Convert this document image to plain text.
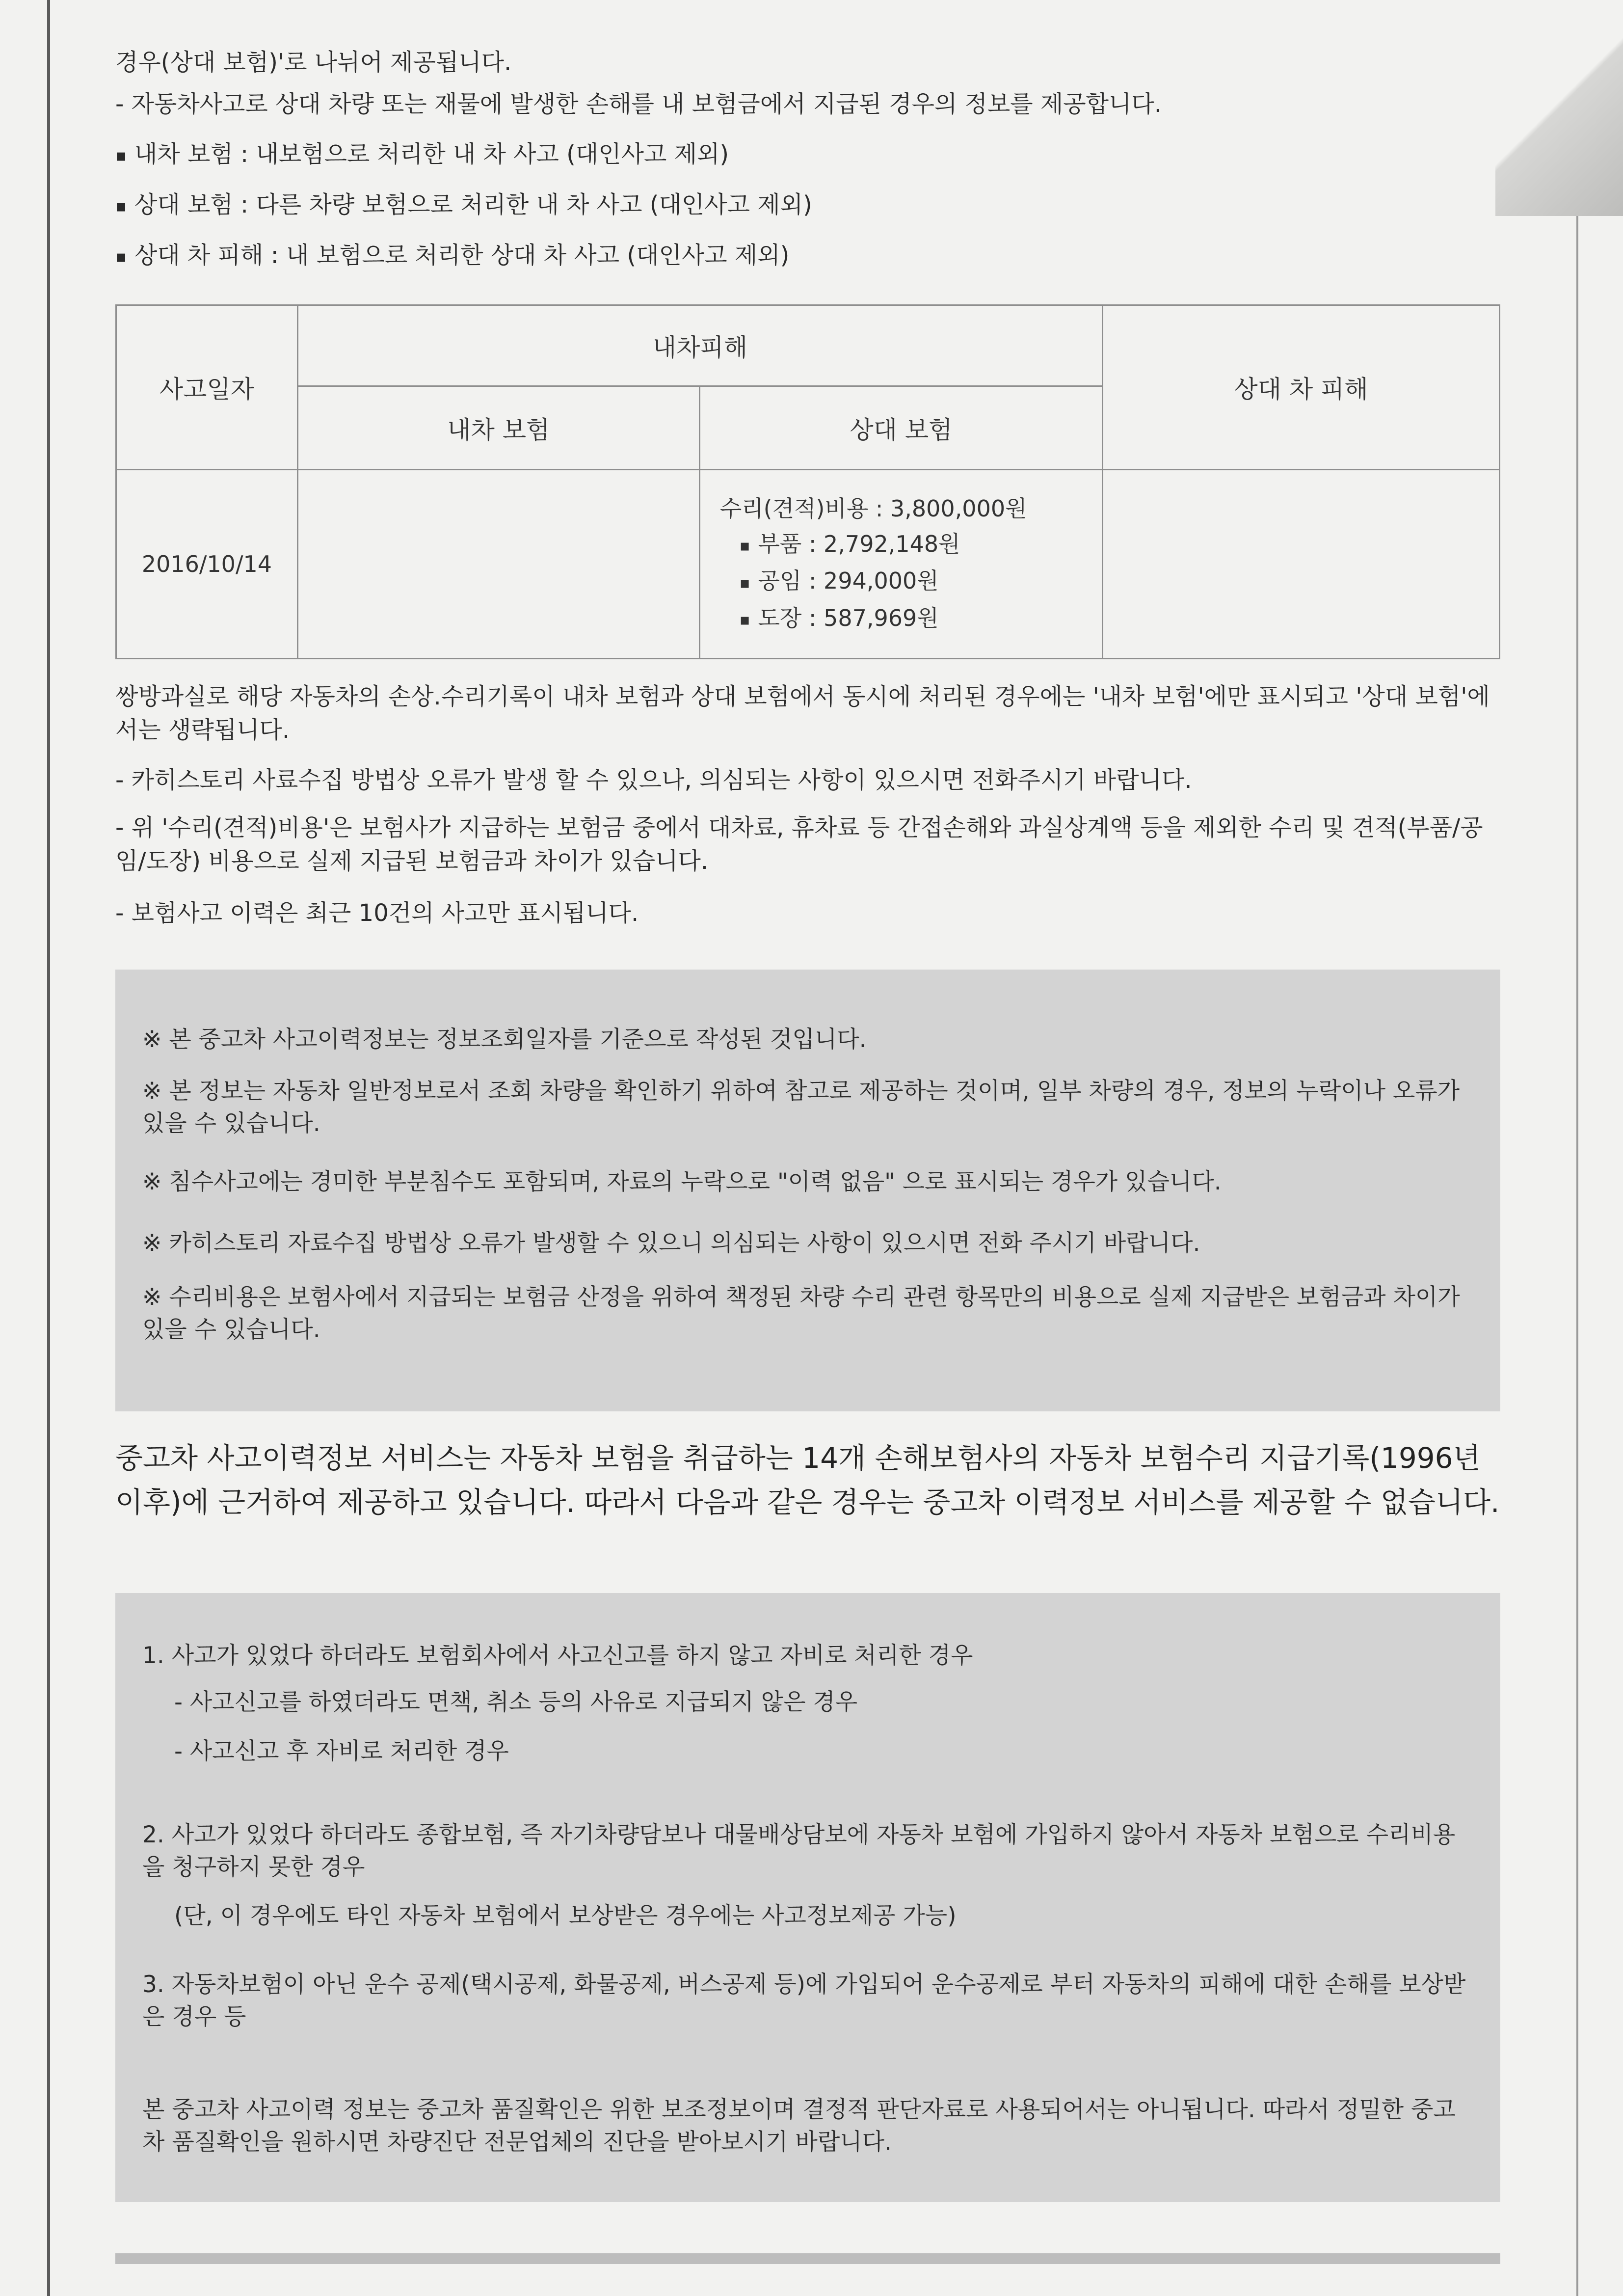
경우(상대 보험)'로 나뉘어 제공됩니다.
- 자동차사고로 상대 차량 또는 재물에 발생한 손해를 내 보험금에서 지급된 경우의 정보를 제공합니다.
▪ 내차 보험 : 내보험으로 처리한 내 차 사고 (대인사고 제외)
▪ 상대 보험 : 다른 차량 보험으로 처리한 내 차 사고 (대인사고 제외)
▪ 상대 차 피해 : 내 보험으로 처리한 상대 차 사고 (대인사고 제외)
사고일자	내차피해		상대 차 피해
	내차 보험	상대 보험	
2016/10/14		수리(견적)비용 : 3,800,000원
▪ 부품 : 2,792,148원
▪ 공임 : 294,000원
▪ 도장 : 587,969원

쌍방과실로 해당 자동차의 손상.수리기록이 내차 보험과 상대 보험에서 동시에 처리된 경우에는 '내차 보험'에만 표시되고 '상대 보험'에서는 생략됩니다.
- 카히스토리 사료수집 방법상 오류가 발생 할 수 있으나, 의심되는 사항이 있으시면 전화주시기 바랍니다.
- 위 '수리(견적)비용'은 보험사가 지급하는 보험금 중에서 대차료, 휴차료 등 간접손해와 과실상계액 등을 제외한 수리 및 견적(부품/공임/도장) 비용으로 실제 지급된 보험금과 차이가 있습니다.
- 보험사고 이력은 최근 10건의 사고만 표시됩니다.

※ 본 중고차 사고이력정보는 정보조회일자를 기준으로 작성된 것입니다.

※ 본 정보는 자동차 일반정보로서 조회 차량을 확인하기 위하여 참고로 제공하는 것이며, 일부 차량의 경우, 정보의 누락이나 오류가 있을 수 있습니다.

※ 침수사고에는 경미한 부분침수도 포함되며, 자료의 누락으로 "이력 없음" 으로 표시되는 경우가 있습니다.

※ 카히스토리 자료수집 방법상 오류가 발생할 수 있으니 의심되는 사항이 있으시면 전화 주시기 바랍니다.

※ 수리비용은 보험사에서 지급되는 보험금 산정을 위하여 책정된 차량 수리 관련 항목만의 비용으로 실제 지급받은 보험금과 차이가 있을 수 있습니다.

중고차 사고이력정보 서비스는 자동차 보험을 취급하는 14개 손해보험사의 자동차 보험수리 지급기록(1996년 이후)에 근거하여 제공하고 있습니다. 따라서 다음과 같은 경우는 중고차 이력정보 서비스를 제공할 수 없습니다.

1. 사고가 있었다 하더라도 보험회사에서 사고신고를 하지 않고 자비로 처리한 경우

- 사고신고를 하였더라도 면책, 취소 등의 사유로 지급되지 않은 경우

- 사고신고 후 자비로 처리한 경우

2. 사고가 있었다 하더라도 종합보험, 즉 자기차량담보나 대물배상담보에 자동차 보험에 가입하지 않아서 자동차 보험으로 수리비용을 청구하지 못한 경우

(단, 이 경우에도 타인 자동차 보험에서 보상받은 경우에는 사고정보제공 가능)

3. 자동차보험이 아닌 운수 공제(택시공제, 화물공제, 버스공제 등)에 가입되어 운수공제로 부터 자동차의 피해에 대한 손해를 보상받은 경우 등

본 중고차 사고이력 정보는 중고차 품질확인은 위한 보조정보이며 결정적 판단자료로 사용되어서는 아니됩니다. 따라서 정밀한 중고차 품질확인을 원하시면 차량진단 전문업체의 진단을 받아보시기 바랍니다.
